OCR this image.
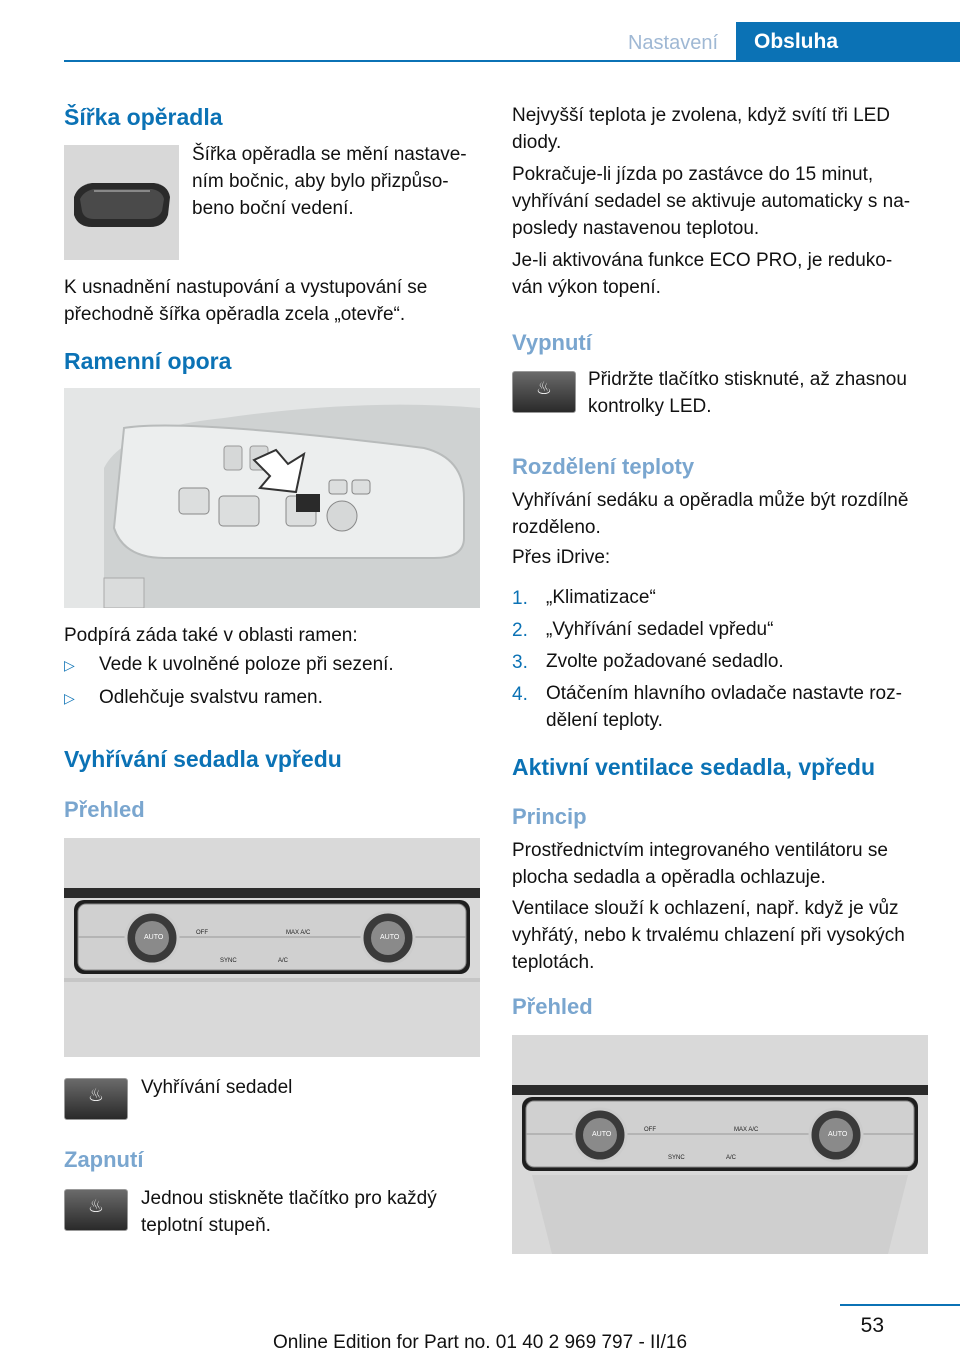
Nastavení	Obsluha
Šířka opěradla

Šířka opěradla se mění nastave-

ním bočnic, aby bylo přizpůso-

beno boční vedení.

K usnadnění nastupování a vystupování se

přechodně šířka opěradla zcela „otevře“.

Ramenní opora

Podpírá záda také v oblasti ramen:

▷ Vede k uvolněné poloze při sezení.

▷ Odlehčuje svalstvu ramen.

Vyhřívání sedadla vpředu
Přehled
AUTO	AUTO
OFF	MAX A/C
SYNC	A/C
♨	Vyhřívání sedadel

Zapnutí
♨	Jednou stiskněte tlačítko pro každý

teplotní stupeň.

Nejvyšší teplota je zvolena, když svítí tři LED

diody.

Pokračuje-li jízda po zastávce do 15 minut,

vyhřívání sedadel se aktivuje automaticky s na-

posledy nastavenou teplotou.

Je-li aktivována funkce ECO PRO, je reduko-

ván výkon topení.

Vypnutí
♨	Přidržte tlačítko stisknuté, až zhasnou

kontrolky LED.

Rozdělení teploty

Vyhřívání sedáku a opěradla může být rozdílně

rozděleno.

Přes iDrive:

1. „Klimatizace“

2. „Vyhřívání sedadel vpředu“

3. Zvolte požadované sedadlo.

4. Otáčením hlavního ovladače nastavte roz-

dělení teploty.

Aktivní ventilace sedadla, vpředu
Princip

Prostřednictvím integrovaného ventilátoru se

plocha sedadla a opěradla ochlazuje.

Ventilace slouží k ochlazení, např. když je vůz

vyhřátý, nebo k trvalému chlazení při vysokých

teplotách.

Přehled
AUTO	AUTO
OFF	MAX A/C
SYNC	A/C
53
Online Edition for Part no. 01 40 2 969 797 - II/16
